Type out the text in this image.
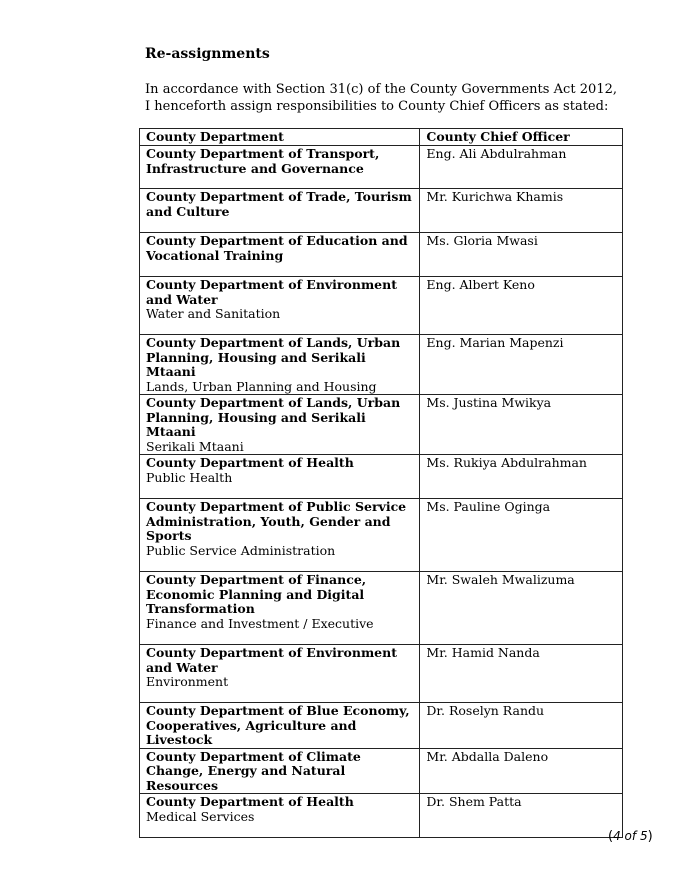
Re-assignments
In accordance with Section 31(c) of the County Governments Act 2012, I henceforth assign responsibilities to County Chief Officers as stated:
County Department	County Chief Officer

County Department of Transport, Infrastructure and Governance	Eng. Ali Abdulrahman

County Department of Trade, Tourism and Culture	Mr. Kurichwa Khamis

County Department of Education and Vocational Training	Ms. Gloria Mwasi

County Department of Environment and Water
Water and Sanitation	Eng. Albert Keno

County Department of Lands, Urban Planning, Housing and Serikali Mtaani
Lands, Urban Planning and Housing	Eng. Marian Mapenzi

County Department of Lands, Urban Planning, Housing and Serikali Mtaani
Serikali Mtaani	Ms. Justina Mwikya

County Department of Health
Public Health	Ms. Rukiya Abdulrahman

County Department of Public Service Administration, Youth, Gender and Sports
Public Service Administration	Ms. Pauline Oginga

County Department of Finance, Economic Planning and Digital Transformation
Finance and Investment / Executive	Mr. Swaleh Mwalizuma

County Department of Environment and Water
Environment	Mr. Hamid Nanda

County Department of Blue Economy, Cooperatives, Agriculture and Livestock	Dr. Roselyn Randu

County Department of Climate Change, Energy and Natural Resources	Mr. Abdalla Daleno

County Department of Health
Medical Services	Dr. Shem Patta
(4 of 5)
